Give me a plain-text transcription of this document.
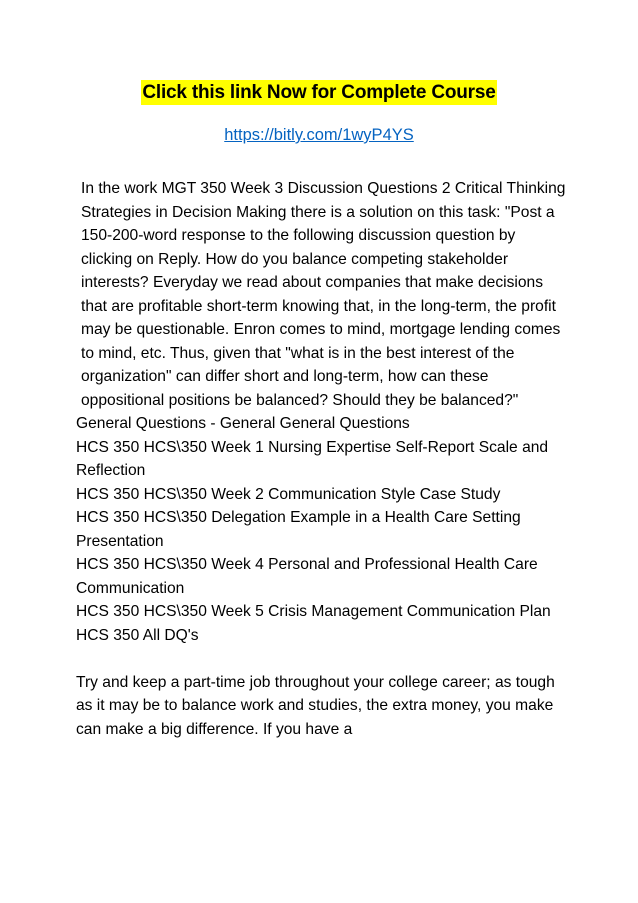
Click this link Now for Complete Course
https://bitly.com/1wyP4YS

In the work MGT 350 Week 3 Discussion Questions 2 Critical Thinking Strategies in Decision Making there is a solution on this task: "Post a 150-200-word response to the following discussion question by clicking on Reply. How do you balance competing stakeholder interests? Everyday we read about companies that make decisions that are profitable short-term knowing that, in the long-term, the profit may be questionable. Enron comes to mind, mortgage lending comes to mind, etc. Thus, given that "what is in the best interest of the organization" can differ short and long-term, how can these oppositional positions be balanced? Should they be balanced?"

General Questions - General General Questions
HCS 350 HCS\350 Week 1 Nursing Expertise Self-Report Scale and Reflection
HCS 350 HCS\350 Week 2 Communication Style Case Study
HCS 350 HCS\350 Delegation Example in a Health Care Setting Presentation
HCS 350 HCS\350 Week 4 Personal and Professional Health Care Communication
HCS 350 HCS\350 Week 5 Crisis Management Communication Plan
HCS 350 All DQ's

Try and keep a part-time job throughout your college career; as tough as it may be to balance work and studies, the extra money, you make can make a big difference. If you have a
